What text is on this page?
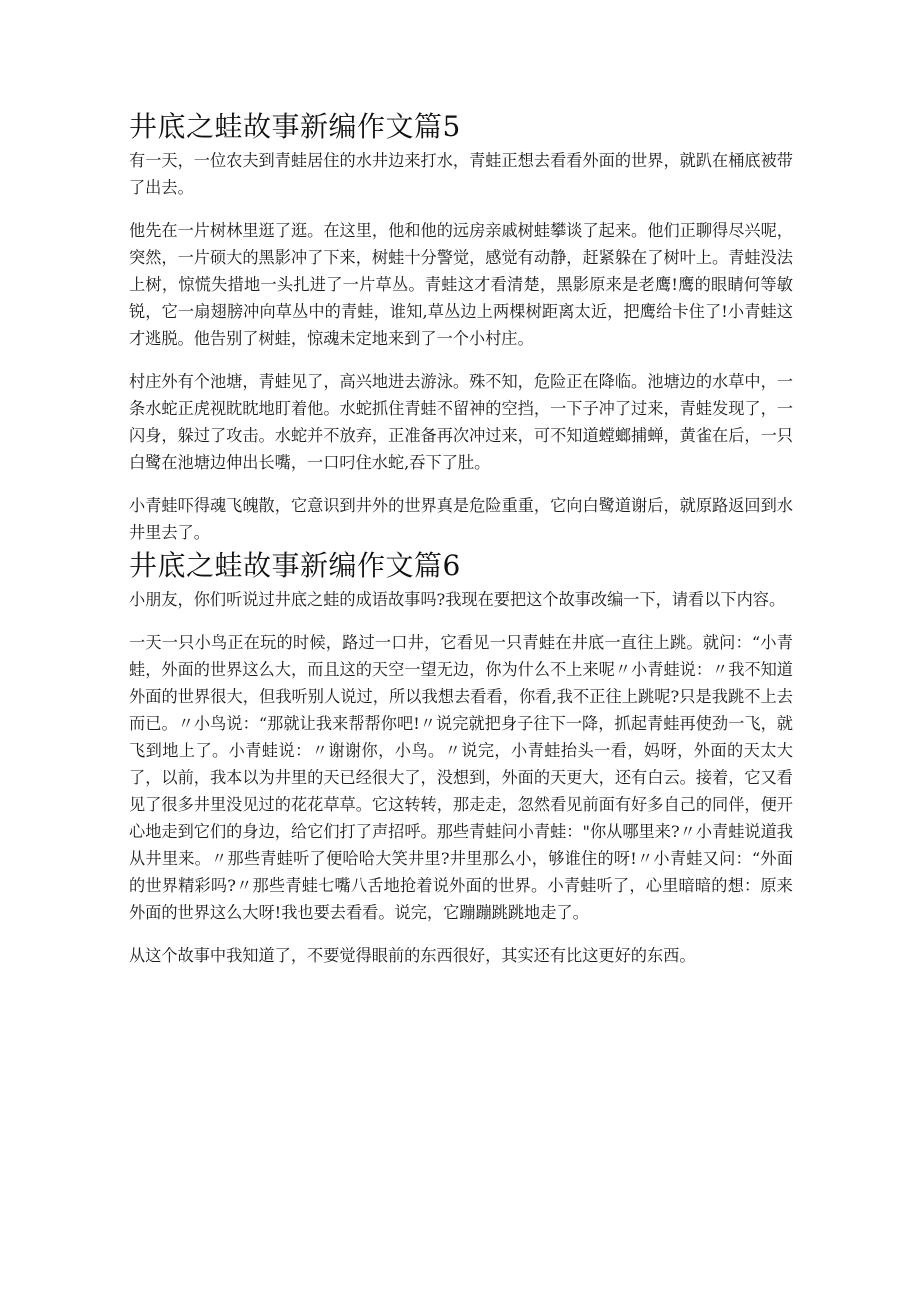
井底之蛙故事新编作文篇5

有一天，一位农夫到青蛙居住的水井边来打水，青蛙正想去看看外面的世界，就趴在桶底被带了出去。

他先在一片树林里逛了逛。在这里，他和他的远房亲戚树蛙攀谈了起来。他们正聊得尽兴呢，突然，一片硕大的黑影冲了下来，树蛙十分警觉，感觉有动静，赶紧躲在了树叶上。青蛙没法上树，惊慌失措地一头扎进了一片草丛。青蛙这才看清楚，黑影原来是老鹰!鹰的眼睛何等敏锐，它一扇翅膀冲向草丛中的青蛙，谁知,草丛边上两棵树距离太近，把鹰给卡住了!小青蛙这才逃脱。他告别了树蛙，惊魂未定地来到了一个小村庄。

村庄外有个池塘，青蛙见了，高兴地进去游泳。殊不知，危险正在降临。池塘边的水草中，一条水蛇正虎视眈眈地盯着他。水蛇抓住青蛙不留神的空挡，一下子冲了过来，青蛙发现了，一闪身，躲过了攻击。水蛇并不放弃，正准备再次冲过来，可不知道螳螂捕蝉，黄雀在后，一只白鹭在池塘边伸出长嘴，一口叼住水蛇,吞下了肚。

小青蛙吓得魂飞魄散，它意识到井外的世界真是危险重重，它向白鹭道谢后，就原路返回到水井里去了。

井底之蛙故事新编作文篇6

小朋友，你们听说过井底之蛙的成语故事吗?我现在要把这个故事改编一下，请看以下内容。

一天一只小鸟正在玩的时候，路过一口井，它看见一只青蛙在井底一直往上跳。就问：“小青蛙，外面的世界这么大，而且这的天空一望无边，你为什么不上来呢〃小青蛙说：〃我不知道外面的世界很大，但我听别人说过，所以我想去看看，你看,我不正往上跳呢?只是我跳不上去而已。〃小鸟说：“那就让我来帮帮你吧!〃说完就把身子往下一降，抓起青蛙再使劲一飞，就飞到地上了。小青蛙说：〃谢谢你，小鸟。〃说完，小青蛙抬头一看，妈呀，外面的天太大了，以前，我本以为井里的天已经很大了，没想到，外面的天更大，还有白云。接着，它又看见了很多井里没见过的花花草草。它这转转，那走走，忽然看见前面有好多自己的同伴，便开心地走到它们的身边，给它们打了声招呼。那些青蛙问小青蛙："你从哪里来?〃小青蛙说道我从井里来。〃那些青蛙听了便哈哈大笑井里?井里那么小，够谁住的呀!〃小青蛙又问：“外面的世界精彩吗?〃那些青蛙七嘴八舌地抢着说外面的世界。小青蛙听了，心里暗暗的想：原来外面的世界这么大呀!我也要去看看。说完，它蹦蹦跳跳地走了。

从这个故事中我知道了，不要觉得眼前的东西很好，其实还有比这更好的东西。
